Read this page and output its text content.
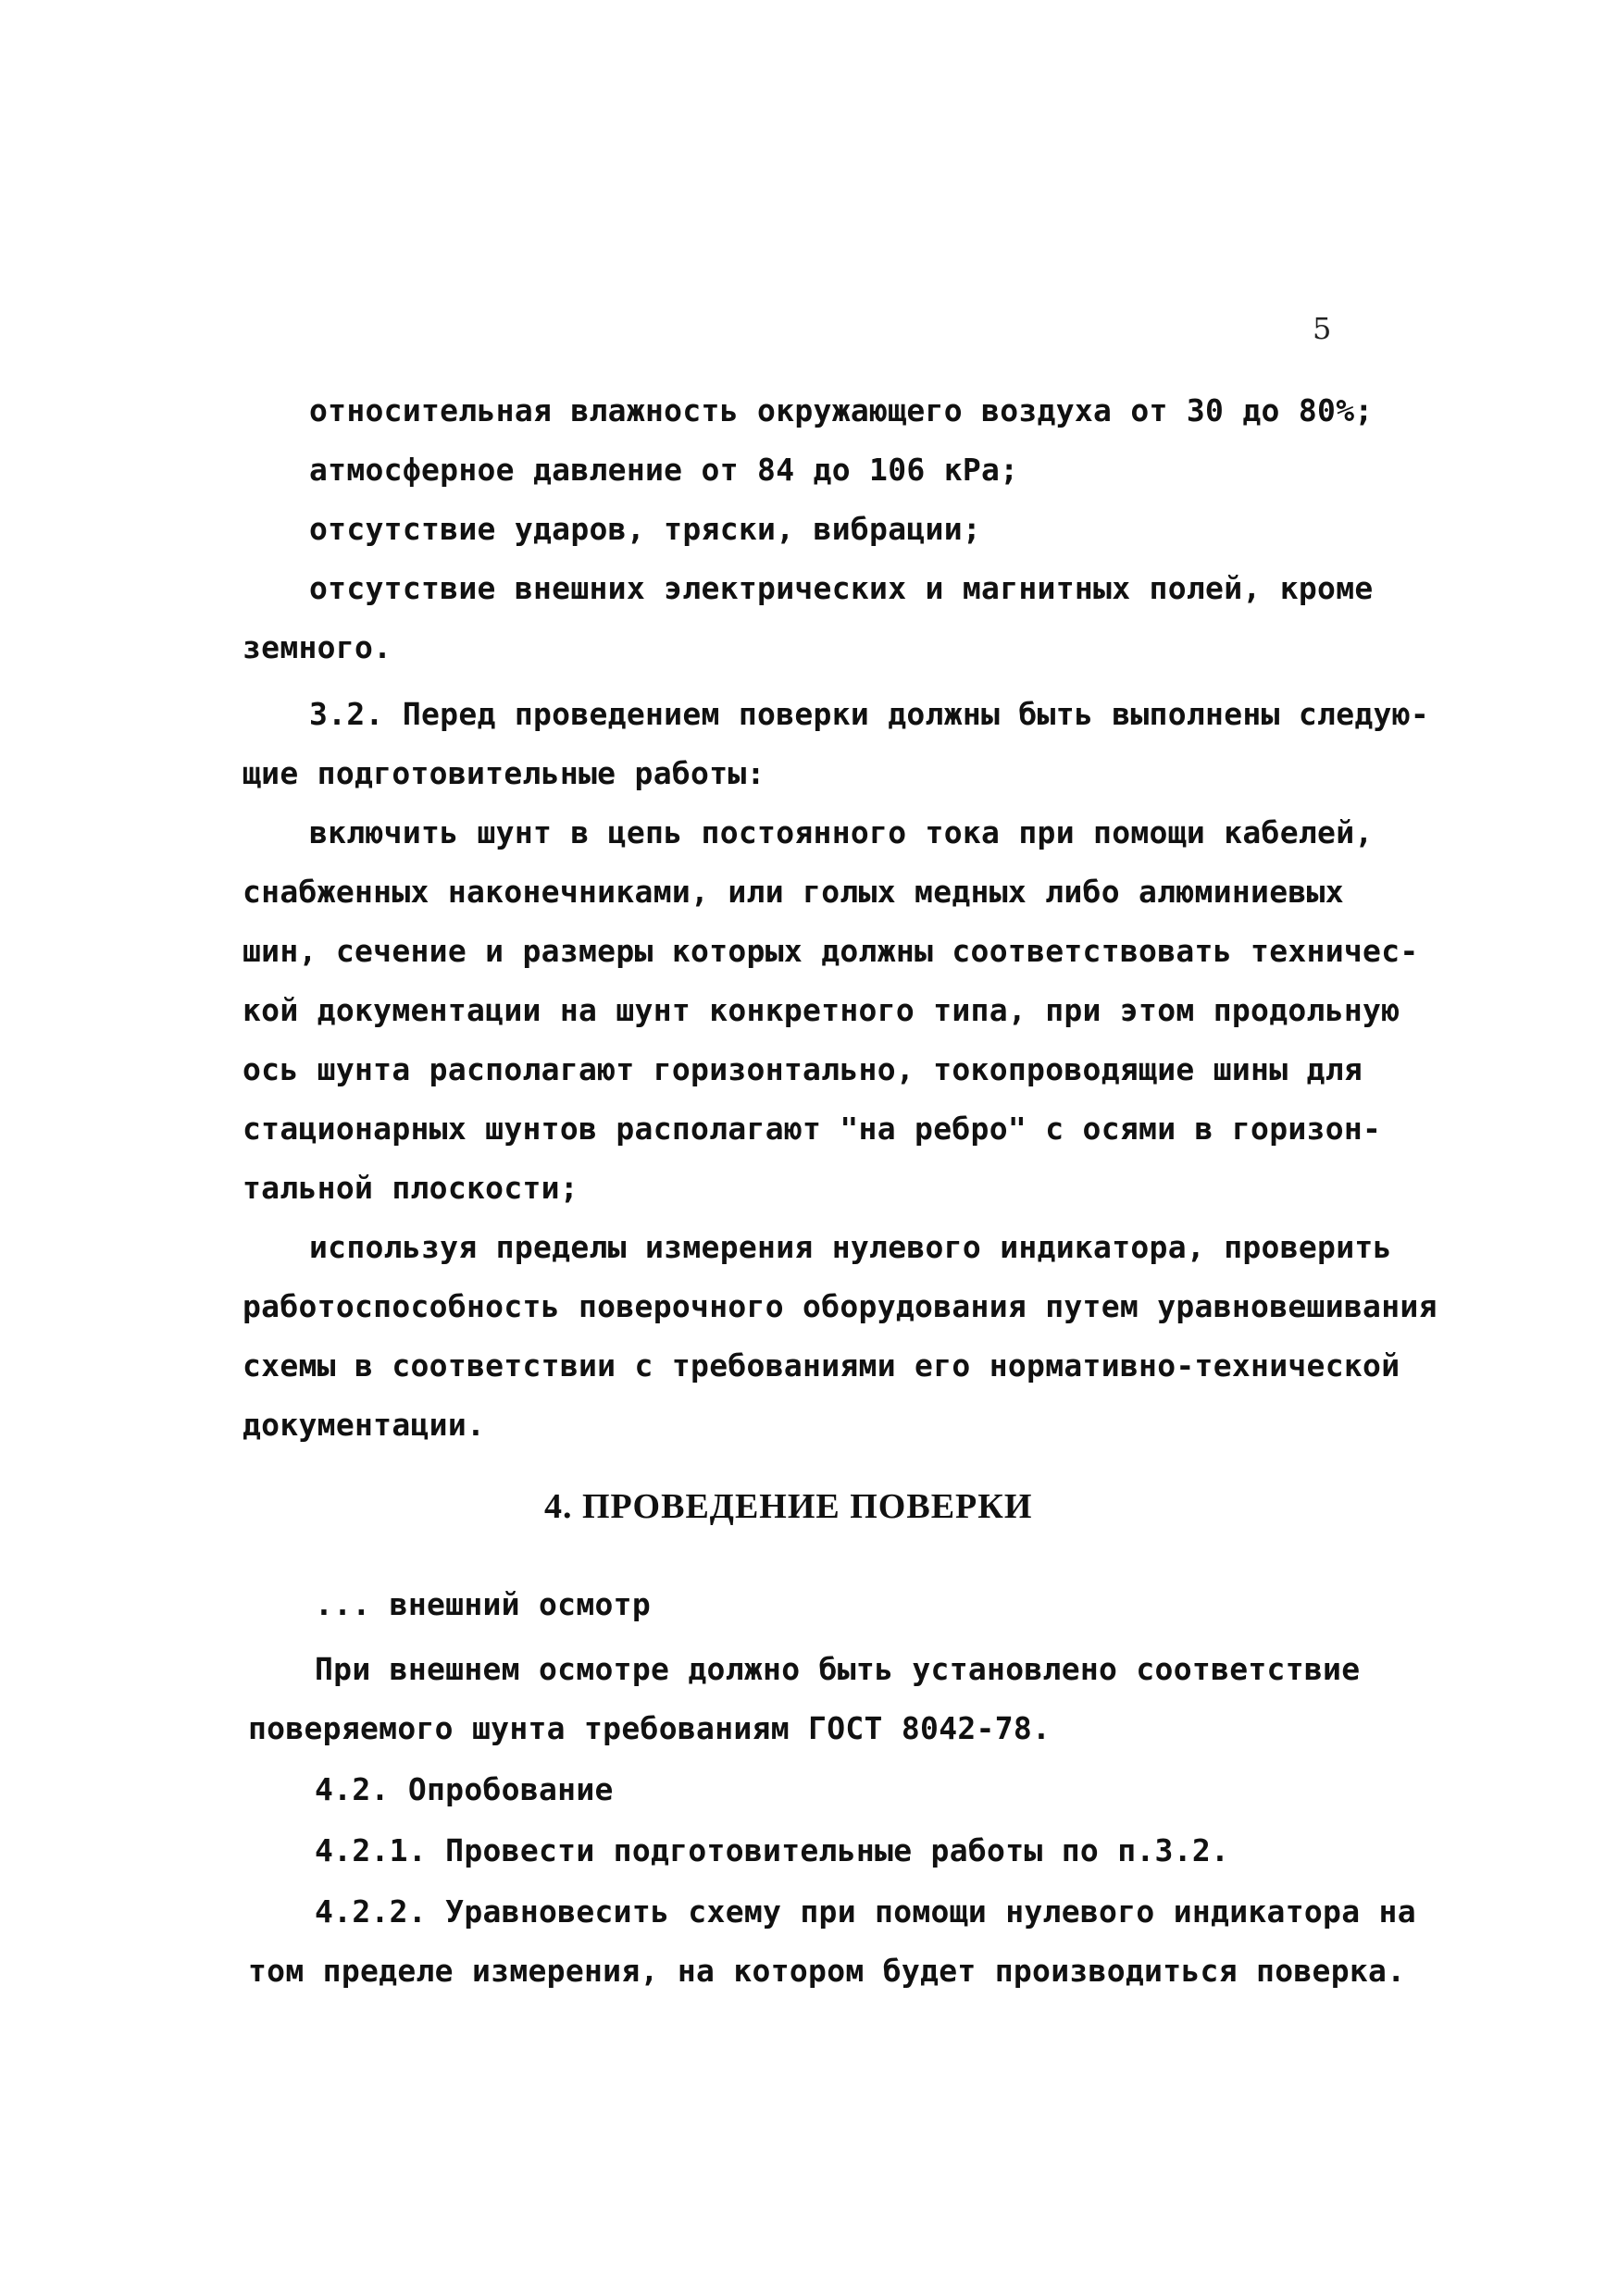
5
относительная влажность окружающего воздуха от 30 до 80%;
атмосферное давление от 84 до 106 кРа;
отсутствие ударов, тряски, вибрации;
отсутствие внешних электрических и магнитных полей, кроме
земного.
3.2. Перед проведением поверки должны быть выполнены следую-
щие подготовительные работы:
включить шунт в цепь постоянного тока при помощи кабелей,
снабженных наконечниками, или голых медных либо алюминиевых
шин, сечение и размеры которых должны соответствовать техничес-
кой документации на шунт конкретного типа, при этом продольную
ось шунта располагают горизонтально, токопроводящие шины для
стационарных шунтов располагают "на ребро" с осями в горизон-
тальной плоскости;
используя пределы измерения нулевого индикатора, проверить
работоспособность поверочного оборудования путем уравновешивания
схемы в соответствии с требованиями его нормативно-технической
документации.
4. ПРОВЕДЕНИЕ ПОВЕРКИ
... внешний осмотр
При внешнем осмотре должно быть установлено соответствие
поверяемого шунта требованиям ГОСТ 8042-78.
4.2. Опробование
4.2.1. Провести подготовительные работы по п.3.2.
4.2.2. Уравновесить схему при помощи нулевого индикатора на
том пределе измерения, на котором будет производиться поверка.
